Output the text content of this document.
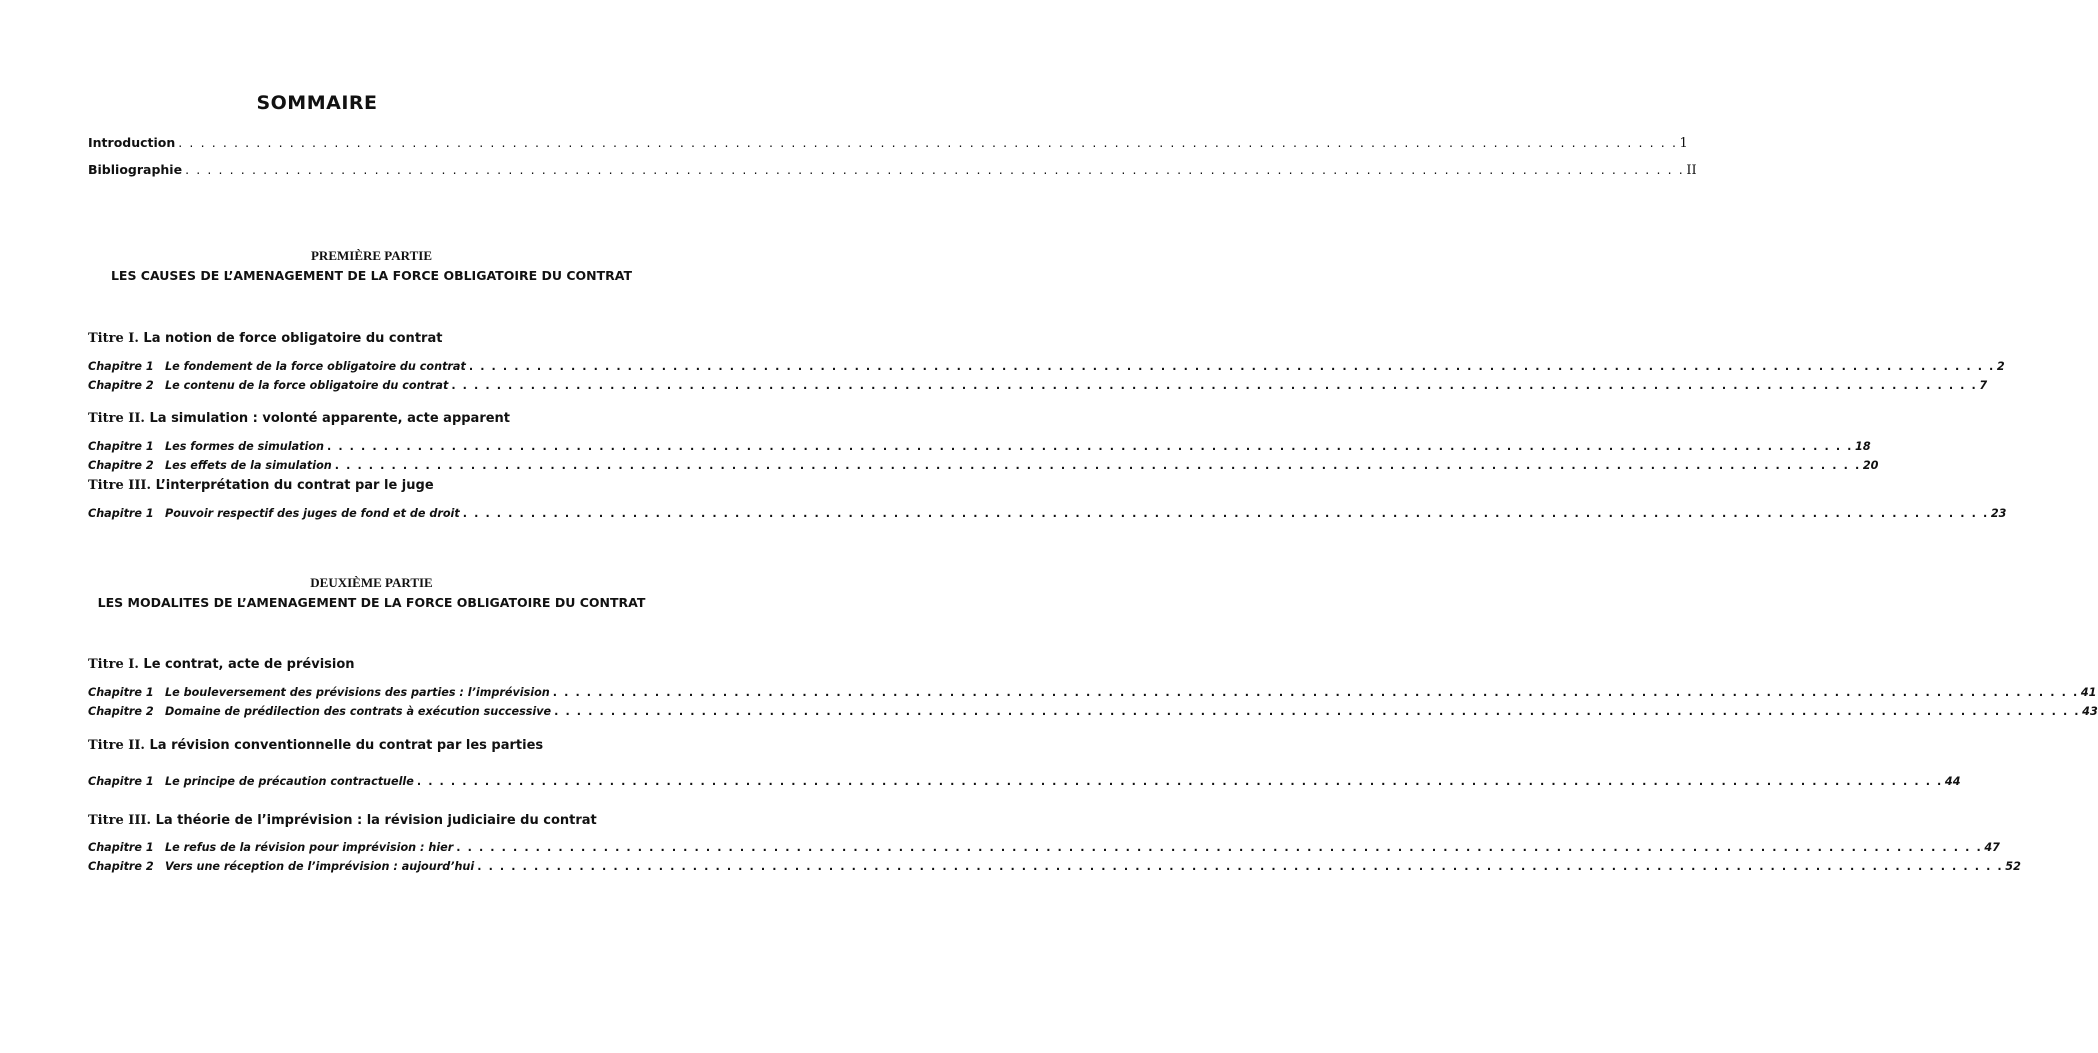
SOMMAIRE
Introduction . . .	1
Bibliographie . . .	II
PREMIÈRE PARTIE
LES CAUSES DE L’AMENAGEMENT DE LA FORCE OBLIGATOIRE DU CONTRAT
Titre I. La notion de force obligatoire du contrat
Chapitre 1	Le fondement de la force obligatoire du contrat . . .	2
Chapitre 2	Le contenu de la force obligatoire du contrat . . .	7
Titre II. La simulation : volonté apparente, acte apparent
Chapitre 1	Les formes de simulation . . .	18
Chapitre 2	Les effets de la simulation . . .	20
Titre III. L’interprétation du contrat par le juge
Chapitre 1	Pouvoir respectif des juges de fond et de droit . . .	23
DEUXIÈME PARTIE
LES MODALITES DE L’AMENAGEMENT DE LA FORCE OBLIGATOIRE DU CONTRAT
Titre I. Le contrat, acte de prévision
Chapitre 1	Le bouleversement des prévisions des parties : l’imprévision . . .	41
Chapitre 2	Domaine de prédilection des contrats à exécution successive . . .	43
Titre II. La révision conventionnelle du contrat par les parties
Chapitre 1	Le principe de précaution contractuelle . . .	44
Titre III. La théorie de l’imprévision : la révision judiciaire du contrat
Chapitre 1	Le refus de la révision pour imprévision : hier . . .	47
Chapitre 2	Vers une réception de l’imprévision : aujourd’hui . . .	52
